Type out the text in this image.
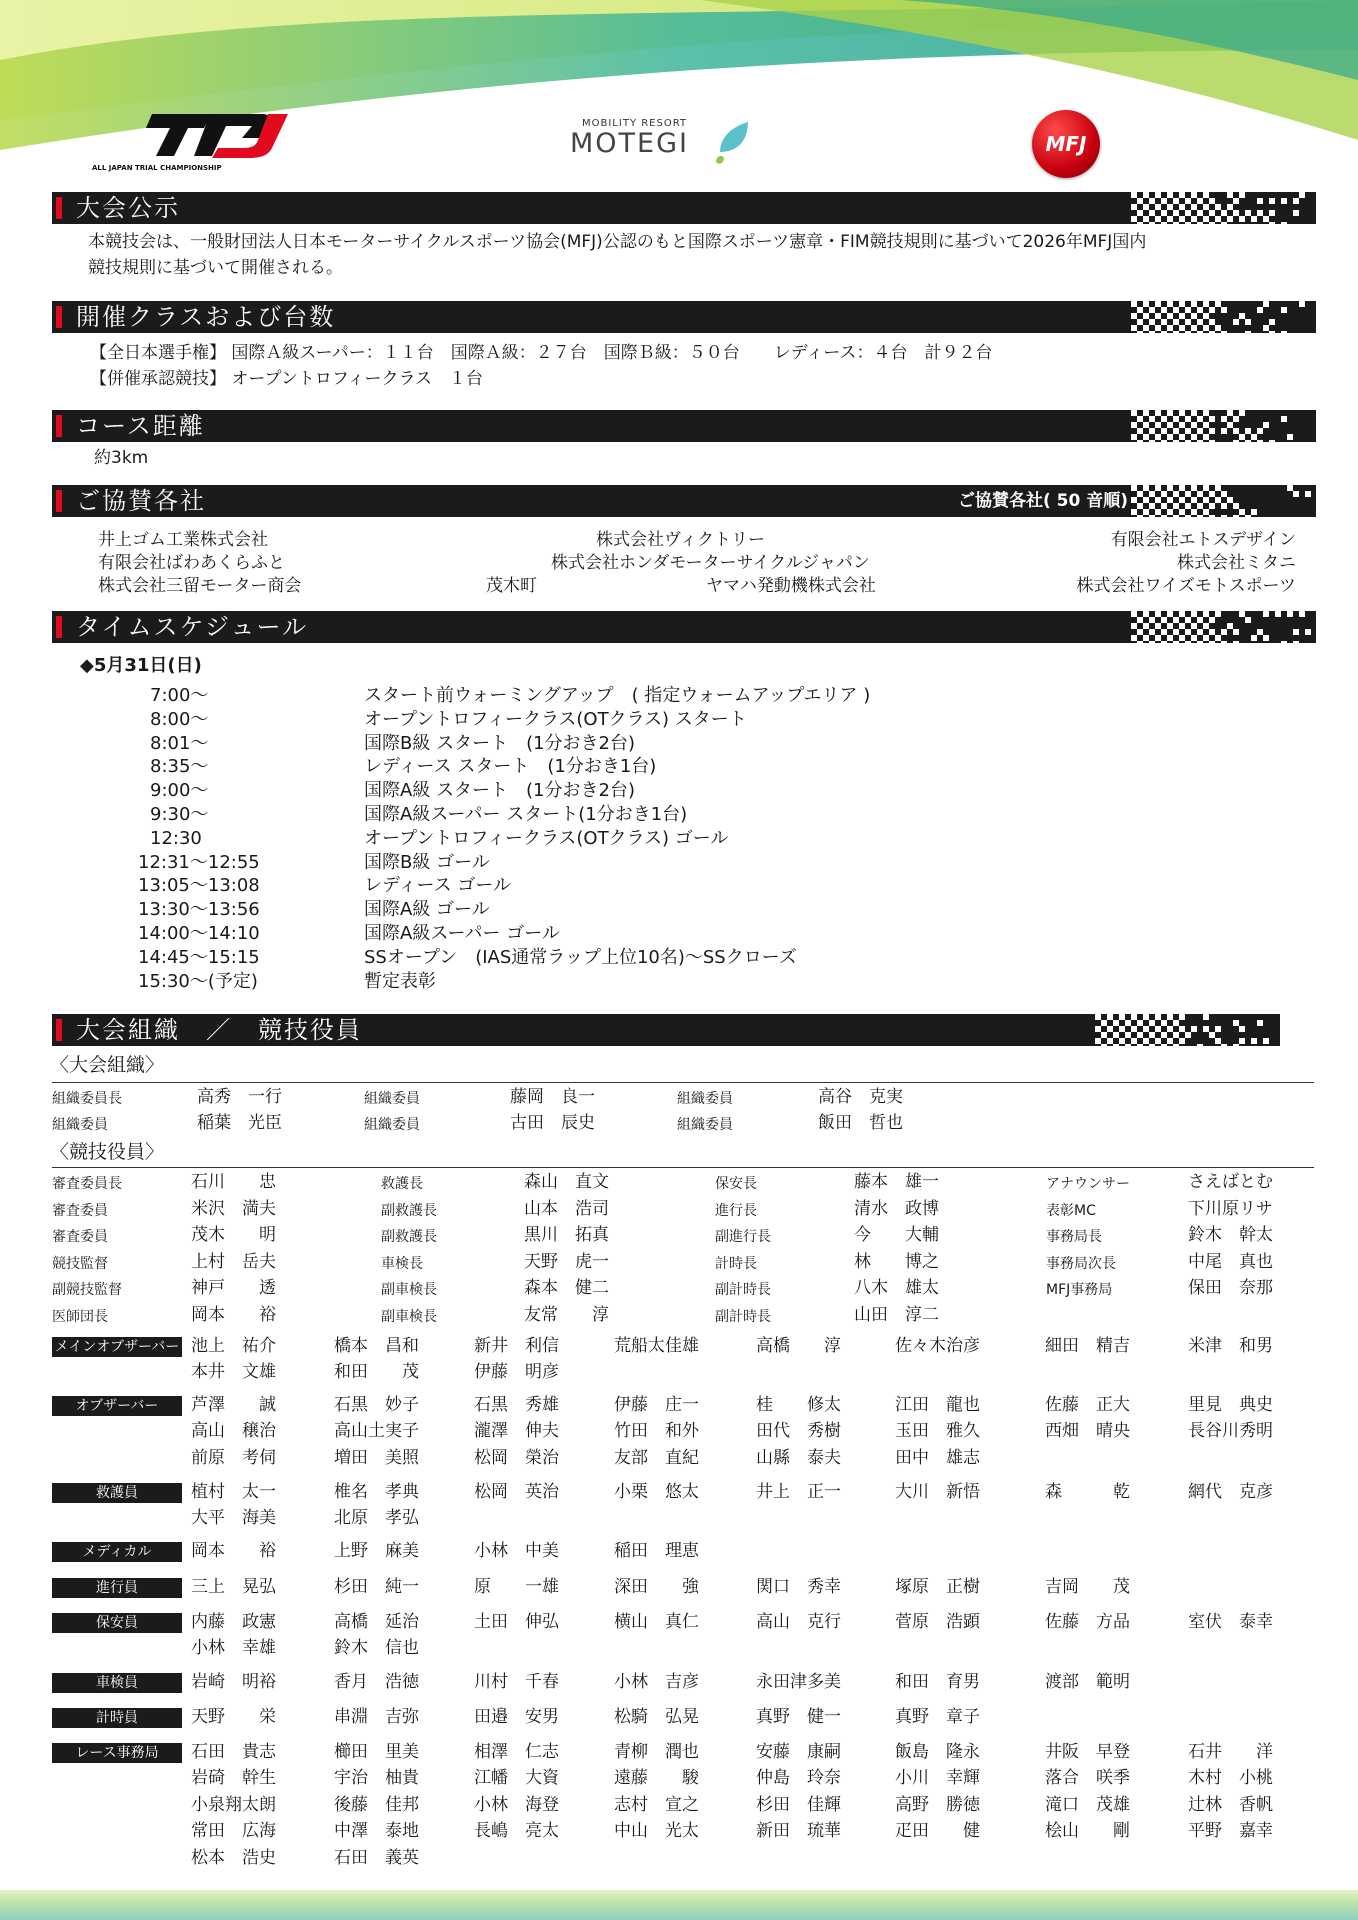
ALL JAPAN TRIAL CHAMPIONSHIP
MOBILITY RESORT
MOTEGI	MFJ
大会公示
本競技会は、一般財団法人日本モーターサイクルスポーツ協会(MFJ)公認のもと国際スポーツ憲章・FIM競技規則に基づいて2026年MFJ国内
競技規則に基づいて開催される。
開催クラスおよび台数
【全日本選手権】 国際Ａ級スーパー：１１台　国際Ａ級：２７台　国際Ｂ級：５０台　　レディース：４台　計９２台
【併催承認競技】 オープントロフィークラス　１台
コース距離
約3km
ご協賛各社	ご協賛各社( 50 音順)
井上ゴム工業株式会社	株式会社ヴィクトリー	有限会社エトスデザイン
有限会社ばわあくらふと	株式会社ホンダモーターサイクルジャパン	株式会社ミタニ
株式会社三留モーター商会	茂木町	ヤマハ発動機株式会社	株式会社ワイズモトスポーツ
タイムスケジュール
◆5月31日(日)
7:00～	スタート前ウォーミングアップ　( 指定ウォームアップエリア )
8:00～	オープントロフィークラス(OTクラス) スタート
8:01～	国際B級 スタート　(1分おき2台)
8:35～	レディース スタート　(1分おき1台)
9:00～	国際A級 スタート　(1分おき2台)
9:30～	国際A級スーパー スタート(1分おき1台)
12:30	オープントロフィークラス(OTクラス) ゴール
12:31～12:55	国際B級 ゴール
13:05～13:08	レディース ゴール
13:30～13:56	国際A級 ゴール
14:00～14:10	国際A級スーパー ゴール
14:45～15:15	SSオープン　(IAS通常ラップ上位10名)～SSクローズ
15:30～(予定)	暫定表彰
大会組織　／　競技役員
〈大会組織〉
組織委員長	高秀　一行	組織委員	藤岡　良一	組織委員	高谷　克実
組織委員	稲葉　光臣	組織委員	古田　辰史	組織委員	飯田　哲也
〈競技役員〉
審査委員長	石川　　忠	救護長	森山　直文	保安長	藤本　雄一	アナウンサー	さえばとむ
審査委員	米沢　満夫	副救護長	山本　浩司	進行長	清水　政博	表彰MC	下川原リサ
審査委員	茂木　　明	副救護長	黒川　拓真	副進行長	今　　大輔	事務局長	鈴木　幹太
競技監督	上村　岳夫	車検長	天野　虎一	計時長	林　　博之	事務局次長	中尾　真也
副競技監督	神戸　　透	副車検長	森本　健二	副計時長	八木　雄太	MFJ事務局	保田　奈那
医師団長	岡本　　裕	副車検長	友常　　淳	副計時長	山田　淳二
メインオブザーバー 池上　祐介	橋本　昌和	新井　利信	荒船太佳雄	高橋　　淳	佐々木治彦	細田　精吉	米津　和男
本井　文雄	和田　　茂	伊藤　明彦
オブザーバー	芦澤　　誠	石黒　妙子	石黒　秀雄	伊藤　庄一	桂　　修太	江田　龍也	佐藤　正大	里見　典史
高山　穣治	高山土実子	瀧澤　伸夫	竹田　和外	田代　秀樹	玉田　雅久	西畑　晴央	長谷川秀明
前原　考伺	増田　美照	松岡　榮治	友部　直紀	山縣　泰夫	田中　雄志
救護員	植村　太一	椎名　孝典	松岡　英治	小栗　悠太	井上　正一	大川　新悟	森　　　乾	網代　克彦
大平　海美	北原　孝弘
メディカル	岡本　　裕	上野　麻美	小林　中美	稲田　理恵
進行員	三上　晃弘	杉田　純一	原　　一雄	深田　　強	関口　秀幸	塚原　正樹	吉岡　　茂
保安員	内藤　政憲	高橋　延治	土田　伸弘	横山　真仁	高山　克行	菅原　浩顕	佐藤　方品	室伏　泰幸
小林　幸雄	鈴木　信也
車検員	岩崎　明裕	香月　浩徳	川村　千春	小林　吉彦	永田津多美	和田　育男	渡部　範明
計時員	天野　　栄	串淵　吉弥	田邉　安男	松騎　弘晃	真野　健一	真野　章子
レース事務局	石田　貴志	櫛田　里美	相澤　仁志	青柳　潤也	安藤　康嗣	飯島　隆永	井阪　早登	石井　　洋
岩碕　幹生	宇治　柚貴	江幡　大資	遠藤　　駿	仲島　玲奈	小川　幸輝	落合　咲季	木村　小桃
小泉翔太朗	後藤　佳邦	小林　海登	志村　宣之	杉田　佳輝	高野　勝徳	滝口　茂雄	辻林　香帆
常田　広海	中澤　泰地	長嶋　亮太	中山　光太	新田　琉華	疋田　　健	桧山　　剛	平野　嘉幸
松本　浩史	石田　義英
